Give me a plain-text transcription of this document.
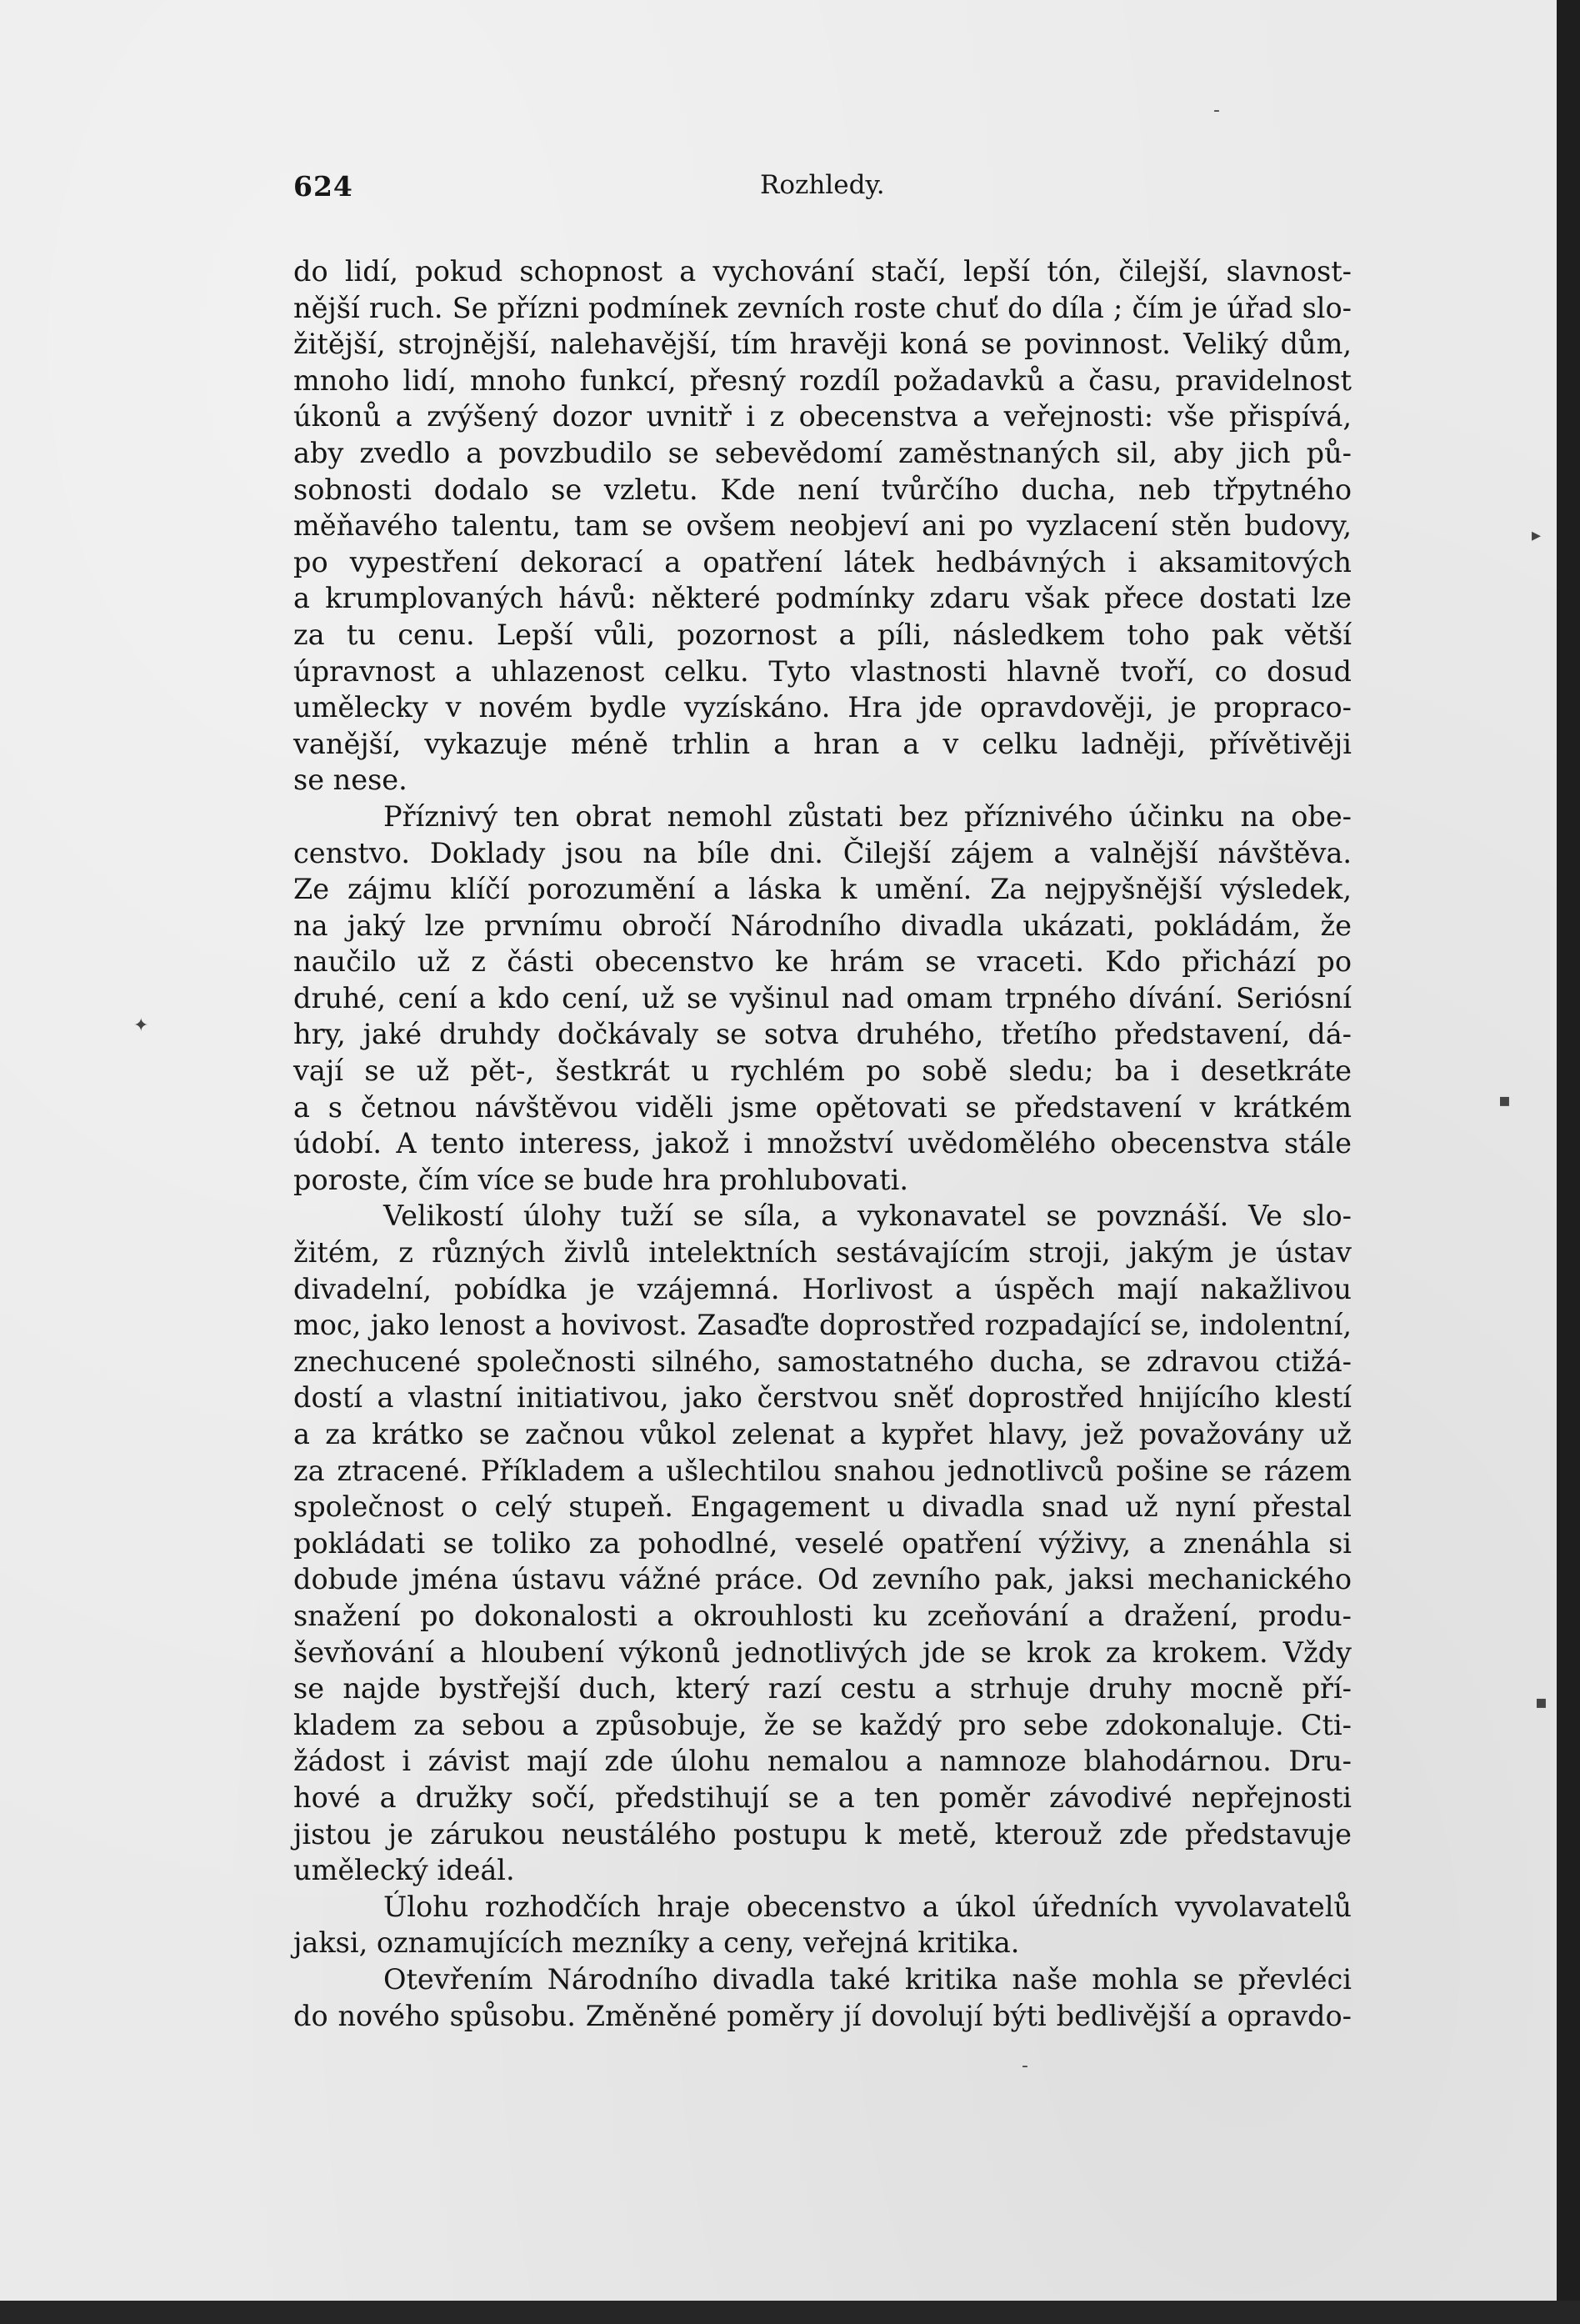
624	Rozhledy.
do lidí, pokud schopnost a vychování stačí, lepší tón, čilejší, slavnost-
nější ruch. Se přízni podmínek zevních roste chuť do díla ; čím je úřad slo-
žitější, strojnější, nalehavější, tím hravěji koná se povinnost. Veliký dům,
mnoho lidí, mnoho funkcí, přesný rozdíl požadavků a času, pravidelnost
úkonů a zvýšený dozor uvnitř i z obecenstva a veřejnosti: vše přispívá,
aby zvedlo a povzbudilo se sebevědomí zaměstnaných sil, aby jich pů-
sobnosti dodalo se vzletu. Kde není tvůrčího ducha, neb třpytného
měňavého talentu, tam se ovšem neobjeví ani po vyzlacení stěn budovy,
po vypestření dekorací a opatření látek hedbávných i aksamitových
a krumplovaných hávů: některé podmínky zdaru však přece dostati lze
za tu cenu. Lepší vůli, pozornost a píli, následkem toho pak větší
úpravnost a uhlazenost celku. Tyto vlastnosti hlavně tvoří, co dosud
umělecky v novém bydle vyzískáno. Hra jde opravdověji, je propraco-
vanější, vykazuje méně trhlin a hran a v celku ladněji, přívětivěji
se nese.
Příznivý ten obrat nemohl zůstati bez příznivého účinku na obe-
censtvo. Doklady jsou na bíle dni. Čilejší zájem a valnější návštěva.
Ze zájmu klíčí porozumění a láska k umění. Za nejpyšnější výsledek,
na jaký lze prvnímu obročí Národního divadla ukázati, pokládám, že
naučilo už z části obecenstvo ke hrám se vraceti. Kdo přichází po
druhé, cení a kdo cení, už se vyšinul nad omam trpného dívání. Seriósní
hry, jaké druhdy dočkávaly se sotva druhého, třetího představení, dá-
vají se už pět-, šestkrát u rychlém po sobě sledu; ba i desetkráte
a s četnou návštěvou viděli jsme opětovati se představení v krátkém
údobí. A tento interess, jakož i množství uvědomělého obecenstva stále
poroste, čím více se bude hra prohlubovati.
Velikostí úlohy tuží se síla, a vykonavatel se povznáší. Ve slo-
žitém, z různých živlů intelektních sestávajícím stroji, jakým je ústav
divadelní, pobídka je vzájemná. Horlivost a úspěch mají nakažlivou
moc, jako lenost a hovivost. Zasaďte doprostřed rozpadající se, indolentní,
znechucené společnosti silného, samostatného ducha, se zdravou ctižá-
dostí a vlastní initiativou, jako čerstvou sněť doprostřed hnijícího klestí
a za krátko se začnou vůkol zelenat a kypřet hlavy, jež považovány už
za ztracené. Příkladem a ušlechtilou snahou jednotlivců pošine se rázem
společnost o celý stupeň. Engagement u divadla snad už nyní přestal
pokládati se toliko za pohodlné, veselé opatření výživy, a znenáhla si
dobude jména ústavu vážné práce. Od zevního pak, jaksi mechanického
snažení po dokonalosti a okrouhlosti ku zceňování a dražení, produ-
ševňování a hloubení výkonů jednotlivých jde se krok za krokem. Vždy
se najde bystřejší duch, který razí cestu a strhuje druhy mocně pří-
kladem za sebou a způsobuje, že se každý pro sebe zdokonaluje. Cti-
žádost i závist mají zde úlohu nemalou a namnoze blahodárnou. Dru-
hové a družky sočí, předstihují se a ten poměr závodivé nepřejnosti
jistou je zárukou neustálého postupu k metě, kterouž zde představuje
umělecký ideál.
Úlohu rozhodčích hraje obecenstvo a úkol úředních vyvolavatelů
jaksi, oznamujících mezníky a ceny, veřejná kritika.
Otevřením Národního divadla také kritika naše mohla se převléci
do nového spůsobu. Změněné poměry jí dovolují býti bedlivější a opravdo-
▸
▪
▪
✦
‑
‑
